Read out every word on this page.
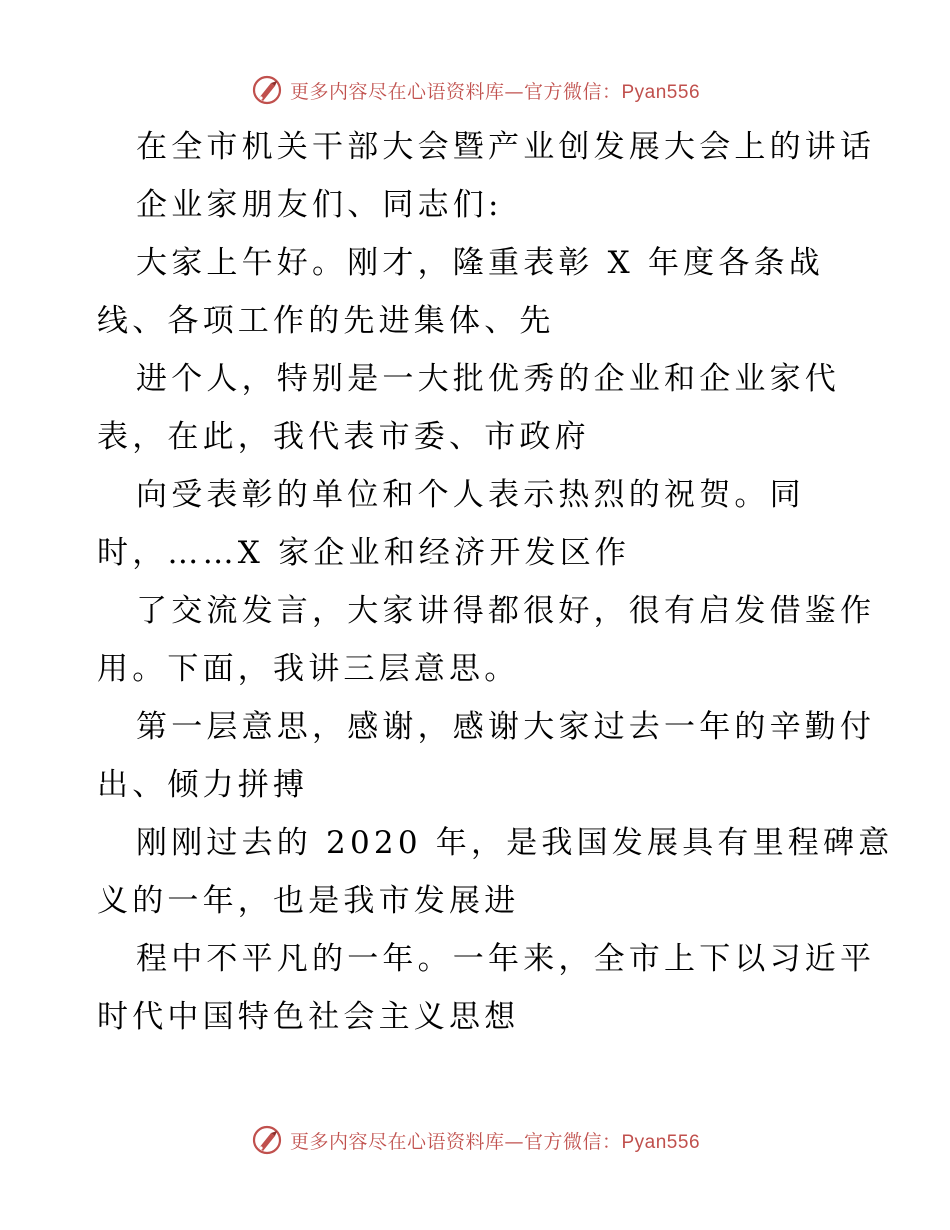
更多内容尽在心语资料库—官方微信：Pyan556
在全市机关干部大会暨产业创发展大会上的讲话
企业家朋友们、同志们:
大家上午好。刚才，隆重表彰 X 年度各条战
线、各项工作的先进集体、先
进个人，特别是一大批优秀的企业和企业家代
表，在此，我代表市委、市政府
向受表彰的单位和个人表示热烈的祝贺。同
时，……X 家企业和经济开发区作
了交流发言，大家讲得都很好，很有启发借鉴作
用。下面，我讲三层意思。
第一层意思，感谢，感谢大家过去一年的辛勤付
出、倾力拼搏
刚刚过去的 2020 年，是我国发展具有里程碑意
义的一年，也是我市发展进
程中不平凡的一年。一年来，全市上下以习近平
时代中国特色社会主义思想
更多内容尽在心语资料库—官方微信：Pyan556
